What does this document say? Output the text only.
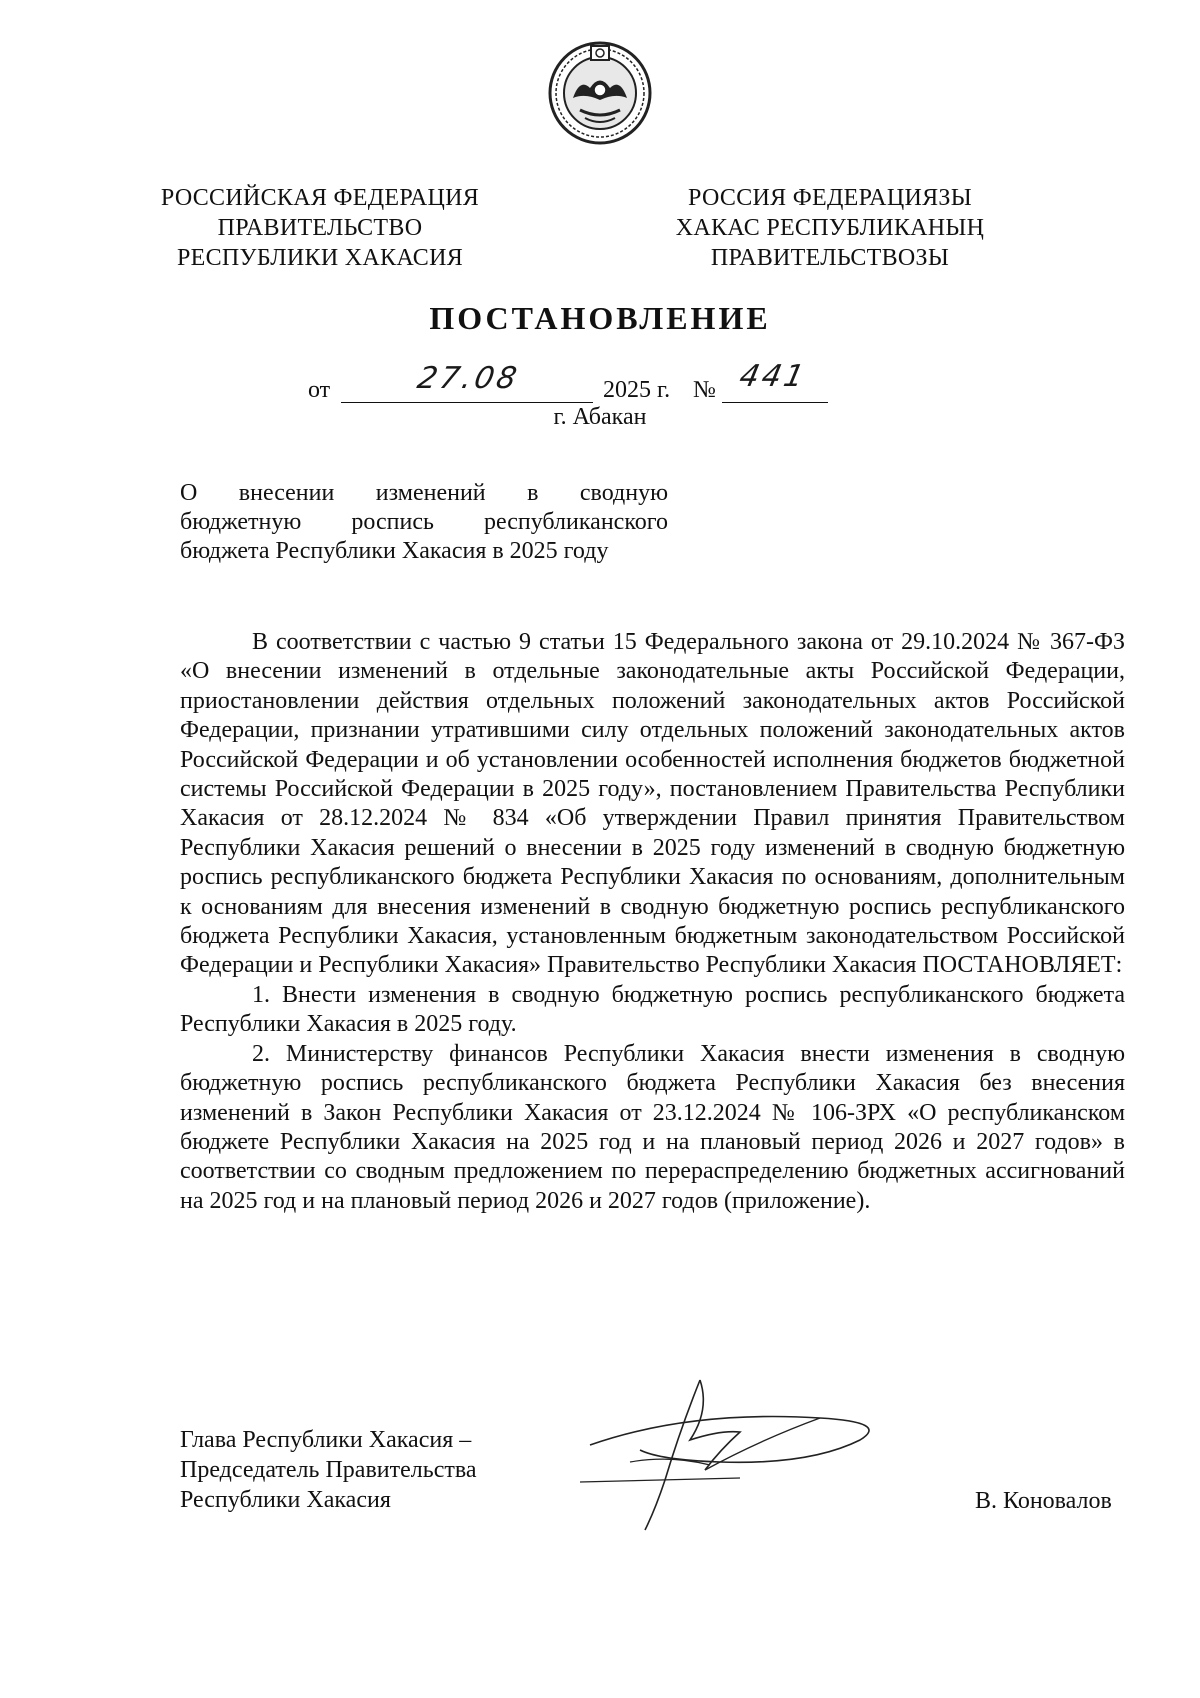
РОССИЙСКАЯ ФЕДЕРАЦИЯ
ПРАВИТЕЛЬСТВО
РЕСПУБЛИКИ ХАКАСИЯ
РОССИЯ ФЕДЕРАЦИЯЗЫ
ХАКАС РЕСПУБЛИКАНЫҢ
ПРАВИТЕЛЬСТВОЗЫ
ПОСТАНОВЛЕНИЕ
от	27.08	2025 г. № 441
г. Абакан
О внесении изменений в сводную
бюджетную роспись республиканского
бюджета Республики Хакасия в 2025 году

В соответствии с частью 9 статьи 15 Федерального закона от 29.10.2024 № 367-ФЗ «О внесении изменений в отдельные законодательные акты Российской Федерации, приостановлении действия отдельных положений законодательных актов Российской Федерации, признании утратившими силу отдельных положений законодательных актов Российской Федерации и об установлении особенностей исполнения бюджетов бюджетной системы Российской Федерации в 2025 году», постановлением Правительства Республики Хакасия от 28.12.2024 № 834 «Об утверждении Правил принятия Правительством Республики Хакасия решений о внесении в 2025 году изменений в сводную бюджетную роспись республиканского бюджета Республики Хакасия по основаниям, дополнительным к основаниям для внесения изменений в сводную бюджетную роспись республиканского бюджета Республики Хакасия, установленным бюджетным законодательством Российской Федерации и Республики Хакасия» Правительство Республики Хакасия ПОСТАНОВЛЯЕТ:

1. Внести изменения в сводную бюджетную роспись республиканского бюджета Республики Хакасия в 2025 году.

2. Министерству финансов Республики Хакасия внести изменения в сводную бюджетную роспись республиканского бюджета Республики Хакасия без внесения изменений в Закон Республики Хакасия от 23.12.2024 № 106-ЗРХ «О республиканском бюджете Республики Хакасия на 2025 год и на плановый период 2026 и 2027 годов» в соответствии со сводным предложением по перераспределению бюджетных ассигнований на 2025 год и на плановый период 2026 и 2027 годов (приложение).

Глава Республики Хакасия –
Председатель Правительства
Республики Хакасия	В. Коновалов
